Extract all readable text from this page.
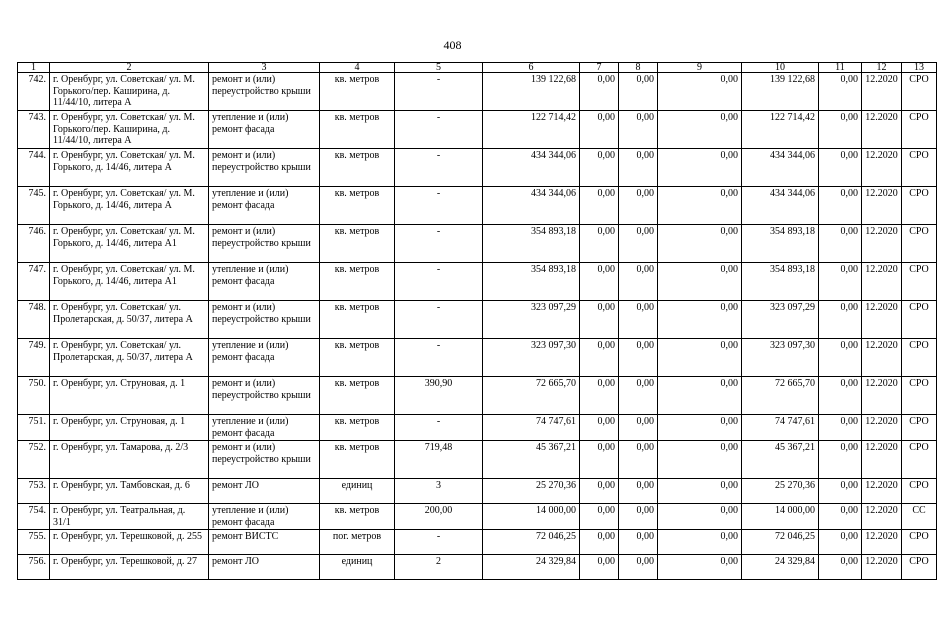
408
1	2	3	4	5	6	7	8	9	10	11	12	13
742.	г. Оренбург, ул. Советская/ ул. М. Горького/пер. Каширина, д. 11/44/10, литера А	ремонт и (или) переустройство крыши	кв. метров	-	139 122,68	0,00	0,00	0,00	139 122,68	0,00	12.2020	СРО
743.	г. Оренбург, ул. Советская/ ул. М. Горького/пер. Каширина, д. 11/44/10, литера А	утепление и (или) ремонт фасада	кв. метров	-	122 714,42	0,00	0,00	0,00	122 714,42	0,00	12.2020	СРО
744.	г. Оренбург, ул. Советская/ ул. М. Горького, д. 14/46, литера А	ремонт и (или) переустройство крыши	кв. метров	-	434 344,06	0,00	0,00	0,00	434 344,06	0,00	12.2020	СРО
745.	г. Оренбург, ул. Советская/ ул. М. Горького, д. 14/46, литера А	утепление и (или) ремонт фасада	кв. метров	-	434 344,06	0,00	0,00	0,00	434 344,06	0,00	12.2020	СРО
746.	г. Оренбург, ул. Советская/ ул. М. Горького, д. 14/46, литера А1	ремонт и (или) переустройство крыши	кв. метров	-	354 893,18	0,00	0,00	0,00	354 893,18	0,00	12.2020	СРО
747.	г. Оренбург, ул. Советская/ ул. М. Горького, д. 14/46, литера А1	утепление и (или) ремонт фасада	кв. метров	-	354 893,18	0,00	0,00	0,00	354 893,18	0,00	12.2020	СРО
748.	г. Оренбург, ул. Советская/ ул. Пролетарская, д. 50/37, литера А	ремонт и (или) переустройство крыши	кв. метров	-	323 097,29	0,00	0,00	0,00	323 097,29	0,00	12.2020	СРО
749.	г. Оренбург, ул. Советская/ ул. Пролетарская, д. 50/37, литера А	утепление и (или) ремонт фасада	кв. метров	-	323 097,30	0,00	0,00	0,00	323 097,30	0,00	12.2020	СРО
750.	г. Оренбург, ул. Струновая, д. 1	ремонт и (или) переустройство крыши	кв. метров	390,90	72 665,70	0,00	0,00	0,00	72 665,70	0,00	12.2020	СРО
751.	г. Оренбург, ул. Струновая, д. 1	утепление и (или) ремонт фасада	кв. метров	-	74 747,61	0,00	0,00	0,00	74 747,61	0,00	12.2020	СРО
752.	г. Оренбург, ул. Тамарова, д. 2/3	ремонт и (или) переустройство крыши	кв. метров	719,48	45 367,21	0,00	0,00	0,00	45 367,21	0,00	12.2020	СРО
753.	г. Оренбург, ул. Тамбовская, д. 6	ремонт ЛО	единиц	3	25 270,36	0,00	0,00	0,00	25 270,36	0,00	12.2020	СРО
754.	г. Оренбург, ул. Театральная, д. 31/1	утепление и (или) ремонт фасада	кв. метров	200,00	14 000,00	0,00	0,00	0,00	14 000,00	0,00	12.2020	СС
755.	г. Оренбург, ул. Терешковой, д. 255	ремонт ВИСТС	пог. метров	-	72 046,25	0,00	0,00	0,00	72 046,25	0,00	12.2020	СРО
756.	г. Оренбург, ул. Терешковой, д. 27	ремонт ЛО	единиц	2	24 329,84	0,00	0,00	0,00	24 329,84	0,00	12.2020	СРО
